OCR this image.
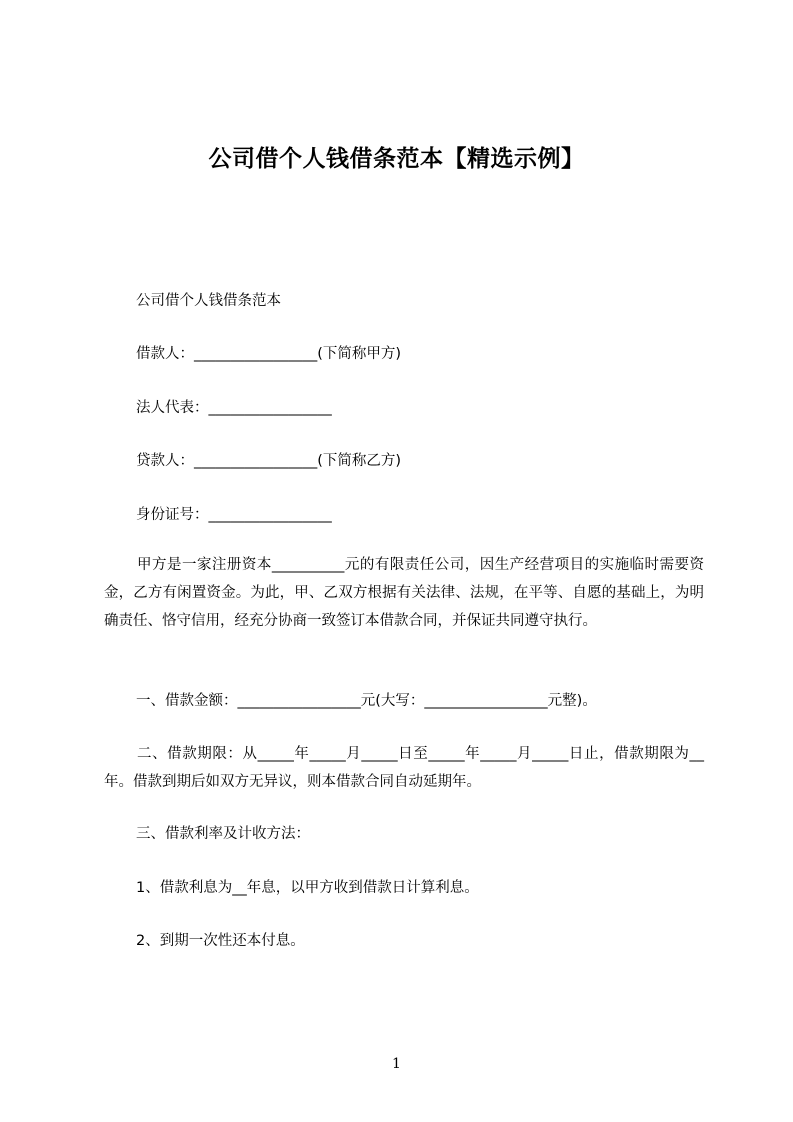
公司借个人钱借条范本【精选示例】
公司借个人钱借条范本
借款人：_________________(下简称甲方)
法人代表：_________________
贷款人：_________________(下简称乙方)
身份证号：_________________
甲方是一家注册资本__________元的有限责任公司，因生产经营项目的实施临时需要资金，乙方有闲置资金。为此，甲、乙双方根据有关法律、法规，在平等、自愿的基础上，为明确责任、恪守信用，经充分协商一致签订本借款合同，并保证共同遵守执行。
一、借款金额：_________________元(大写：_________________元整)。
二、借款期限：从_____年_____月_____日至_____年_____月_____日止，借款期限为__年。借款到期后如双方无异议，则本借款合同自动延期年。
三、借款利率及计收方法：
1、借款利息为__年息，以甲方收到借款日计算利息。
2、到期一次性还本付息。
1
